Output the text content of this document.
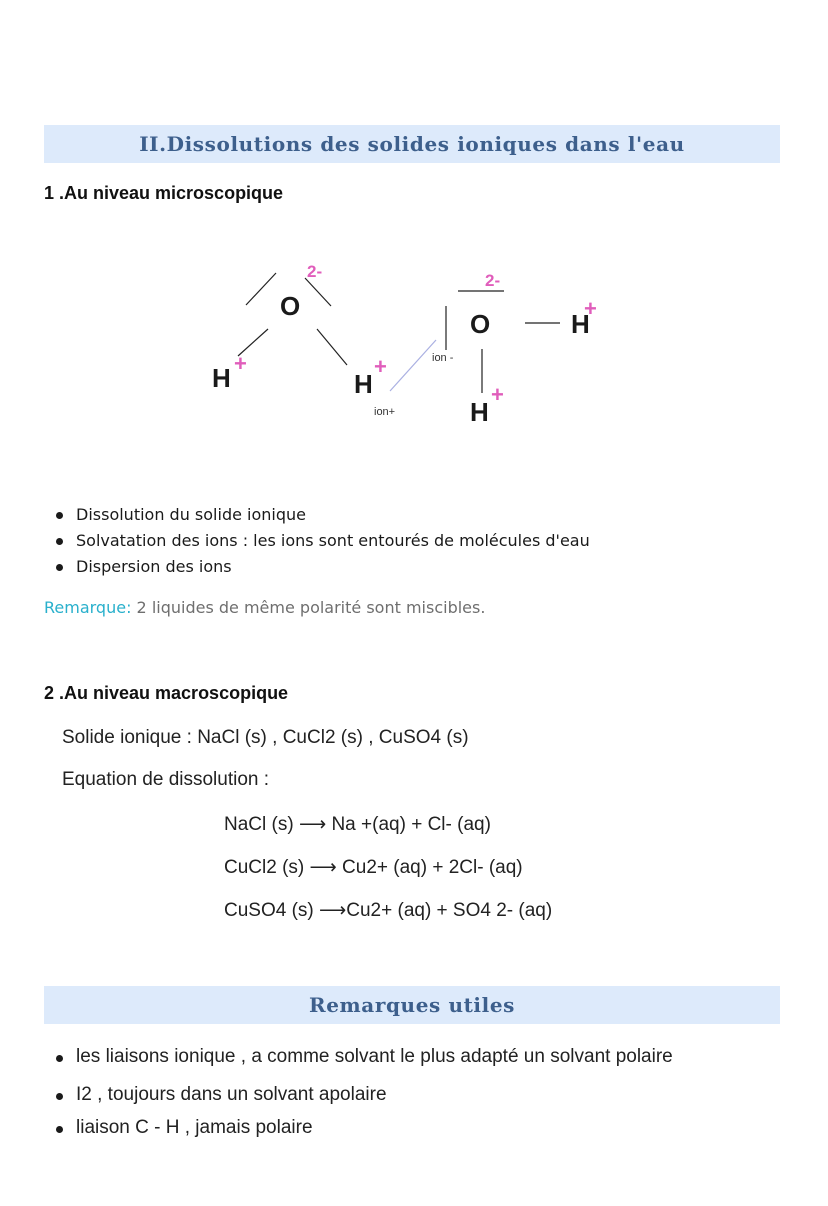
II.Dissolutions des solides ioniques dans l'eau
1 .Au niveau microscopique
O
2-
H +
H
+
ion+
ion -
2-
O	H
+
H
+
Dissolution du solide ionique
Solvatation des ions : les ions sont entourés de molécules d'eau
Dispersion des ions
Remarque: 2 liquides de même polarité sont miscibles.
2 .Au niveau macroscopique
Solide ionique : NaCl (s) , CuCl2 (s) , CuSO4 (s)
Equation de dissolution :
NaCl (s) ⟶ Na +(aq) + Cl- (aq)
CuCl2 (s) ⟶ Cu2+ (aq) + 2Cl- (aq)
CuSO4 (s) ⟶Cu2+ (aq) + SO4 2- (aq)
Remarques utiles
les liaisons ionique , a comme solvant le plus adapté un solvant polaire
I2 , toujours dans un solvant apolaire
liaison C - H , jamais polaire
